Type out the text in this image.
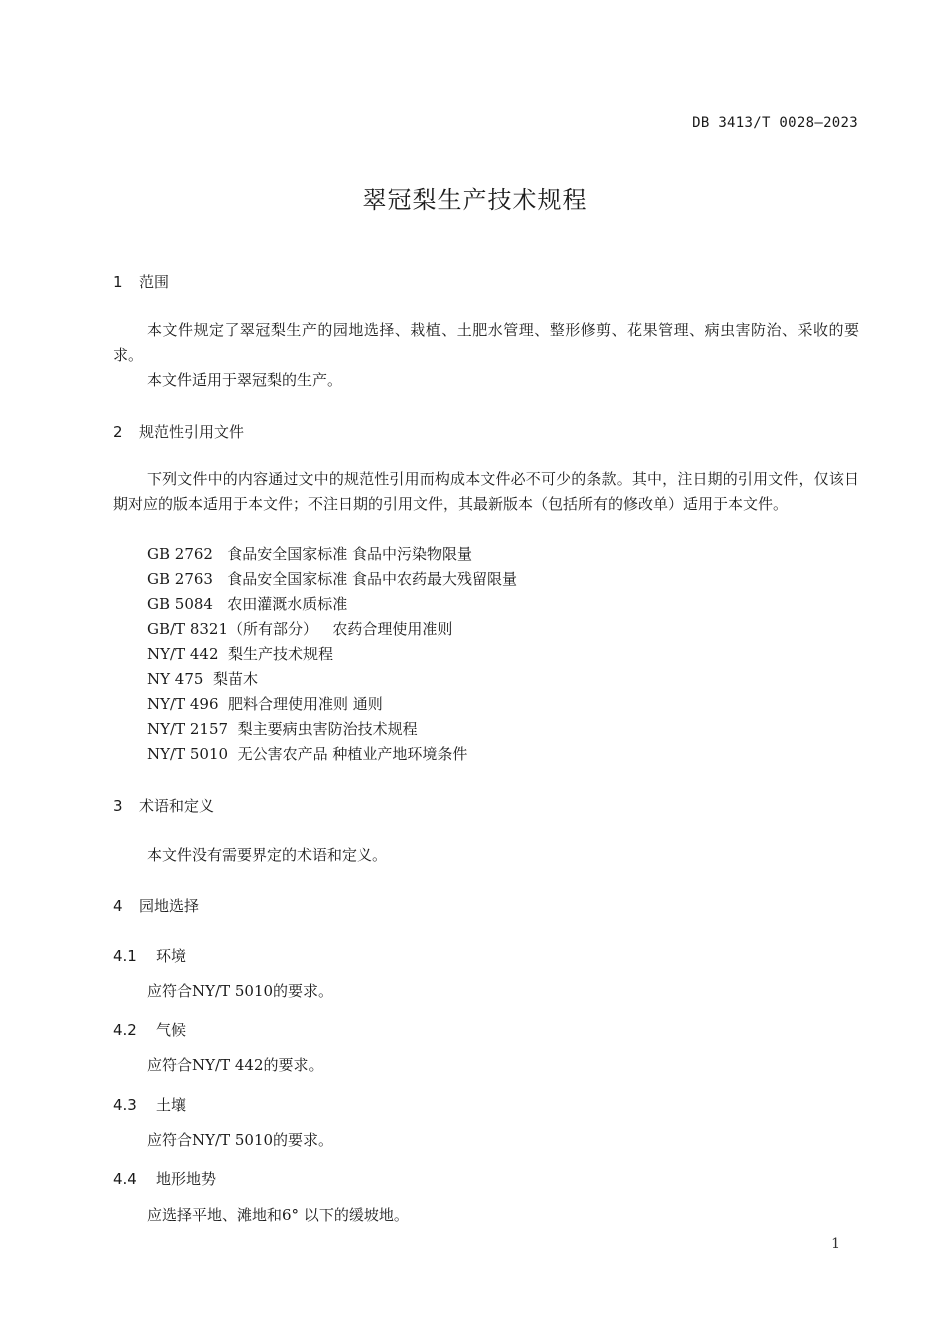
DB 3413/T 0028—2023
翠冠梨生产技术规程
1 范围
本文件规定了翠冠梨生产的园地选择、栽植、土肥水管理、整形修剪、花果管理、病虫害防治、采收的要求。
本文件适用于翠冠梨的生产。
2 规范性引用文件
下列文件中的内容通过文中的规范性引用而构成本文件必不可少的条款。其中，注日期的引用文件，仅该日期对应的版本适用于本文件；不注日期的引用文件，其最新版本（包括所有的修改单）适用于本文件。
GB 2762 食品安全国家标准 食品中污染物限量
GB 2763 食品安全国家标准 食品中农药最大残留限量
GB 5084 农田灌溉水质标准
GB/T 8321（所有部分） 农药合理使用准则
NY/T 442 梨生产技术规程
NY 475 梨苗木
NY/T 496 肥料合理使用准则 通则
NY/T 2157 梨主要病虫害防治技术规程
NY/T 5010 无公害农产品 种植业产地环境条件
3 术语和定义
本文件没有需要界定的术语和定义。
4 园地选择
4.1 环境
应符合NY/T 5010的要求。
4.2 气候
应符合NY/T 442的要求。
4.3 土壤
应符合NY/T 5010的要求。
4.4 地形地势
应选择平地、滩地和6° 以下的缓坡地。
1
